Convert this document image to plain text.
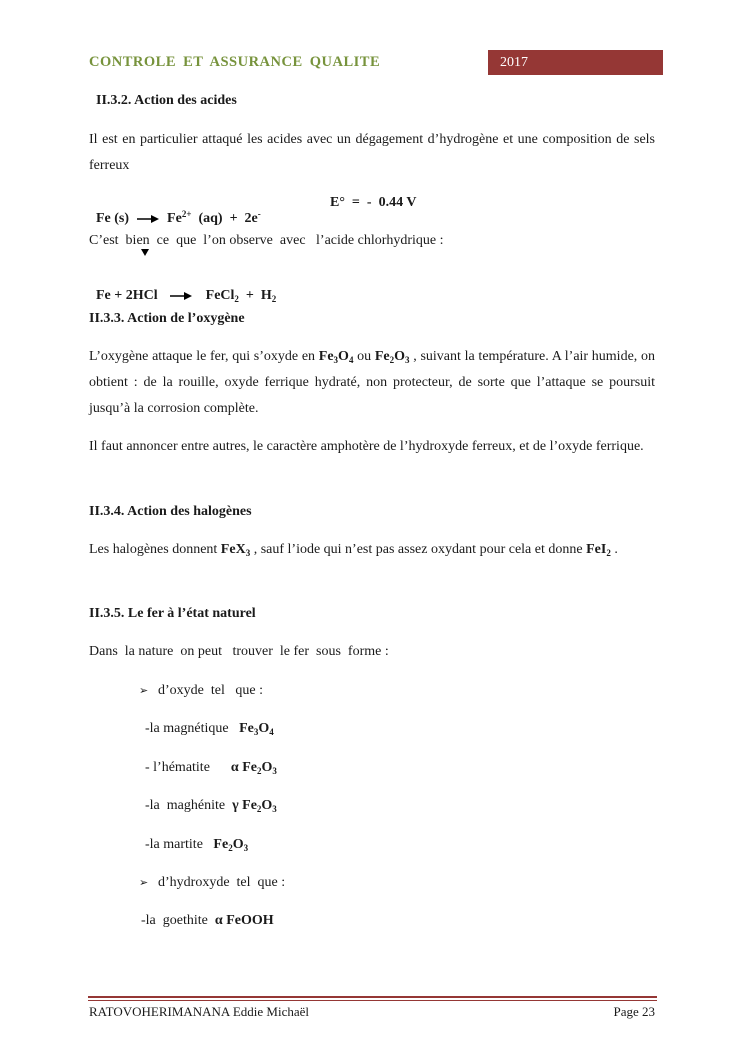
CONTROLE ET ASSURANCE QUALITE	2017
II.3.2. Action des acides
Il est en particulier attaqué les acides avec un dégagement d’hydrogène et une composition de sels ferreux

Fe (s)	$Fe^{2+}$ (aq)  +  2e-

E°  =  -  0.44 V
C’est  bien  ce  que  l’on observe  avec   l’acide chlorhydrique :

Fe + 2HCl	FeCl$_2$  +  $H_2$

II.3.3. Action de l’oxygène
L’oxygène attaque le fer, qui s’oxyde en $Fe_3O_4$ ou $Fe_2O_3$ , suivant la température. A l’air humide, on obtient : de la rouille, oxyde ferrique hydraté, non protecteur, de sorte que l’attaque se poursuit jusqu’à la corrosion complète.
Il faut annoncer entre autres, le caractère amphotère de l’hydroxyde ferreux, et de l’oxyde ferrique.
II.3.4. Action des halogènes
Les halogènes donnent FeX$_3$ , sauf l’iode qui n’est pas assez oxydant pour cela et donne FeI$_2$ .
II.3.5. Le fer à l’état naturel
Dans  la nature  on peut   trouver  le fer  sous  forme :
➢ d’oxyde  tel   que :
-la magnétique   $Fe_3O_4$
- l’hématite      α $Fe_2O_3$
-la  maghénite  γ $Fe_2O_3$
-la martite   $Fe_2O_3$
➢ d’hydroxyde  tel  que :
-la  goethite  α FeOOH
RATOVOHERIMANANA Eddie Michaël	Page 23
